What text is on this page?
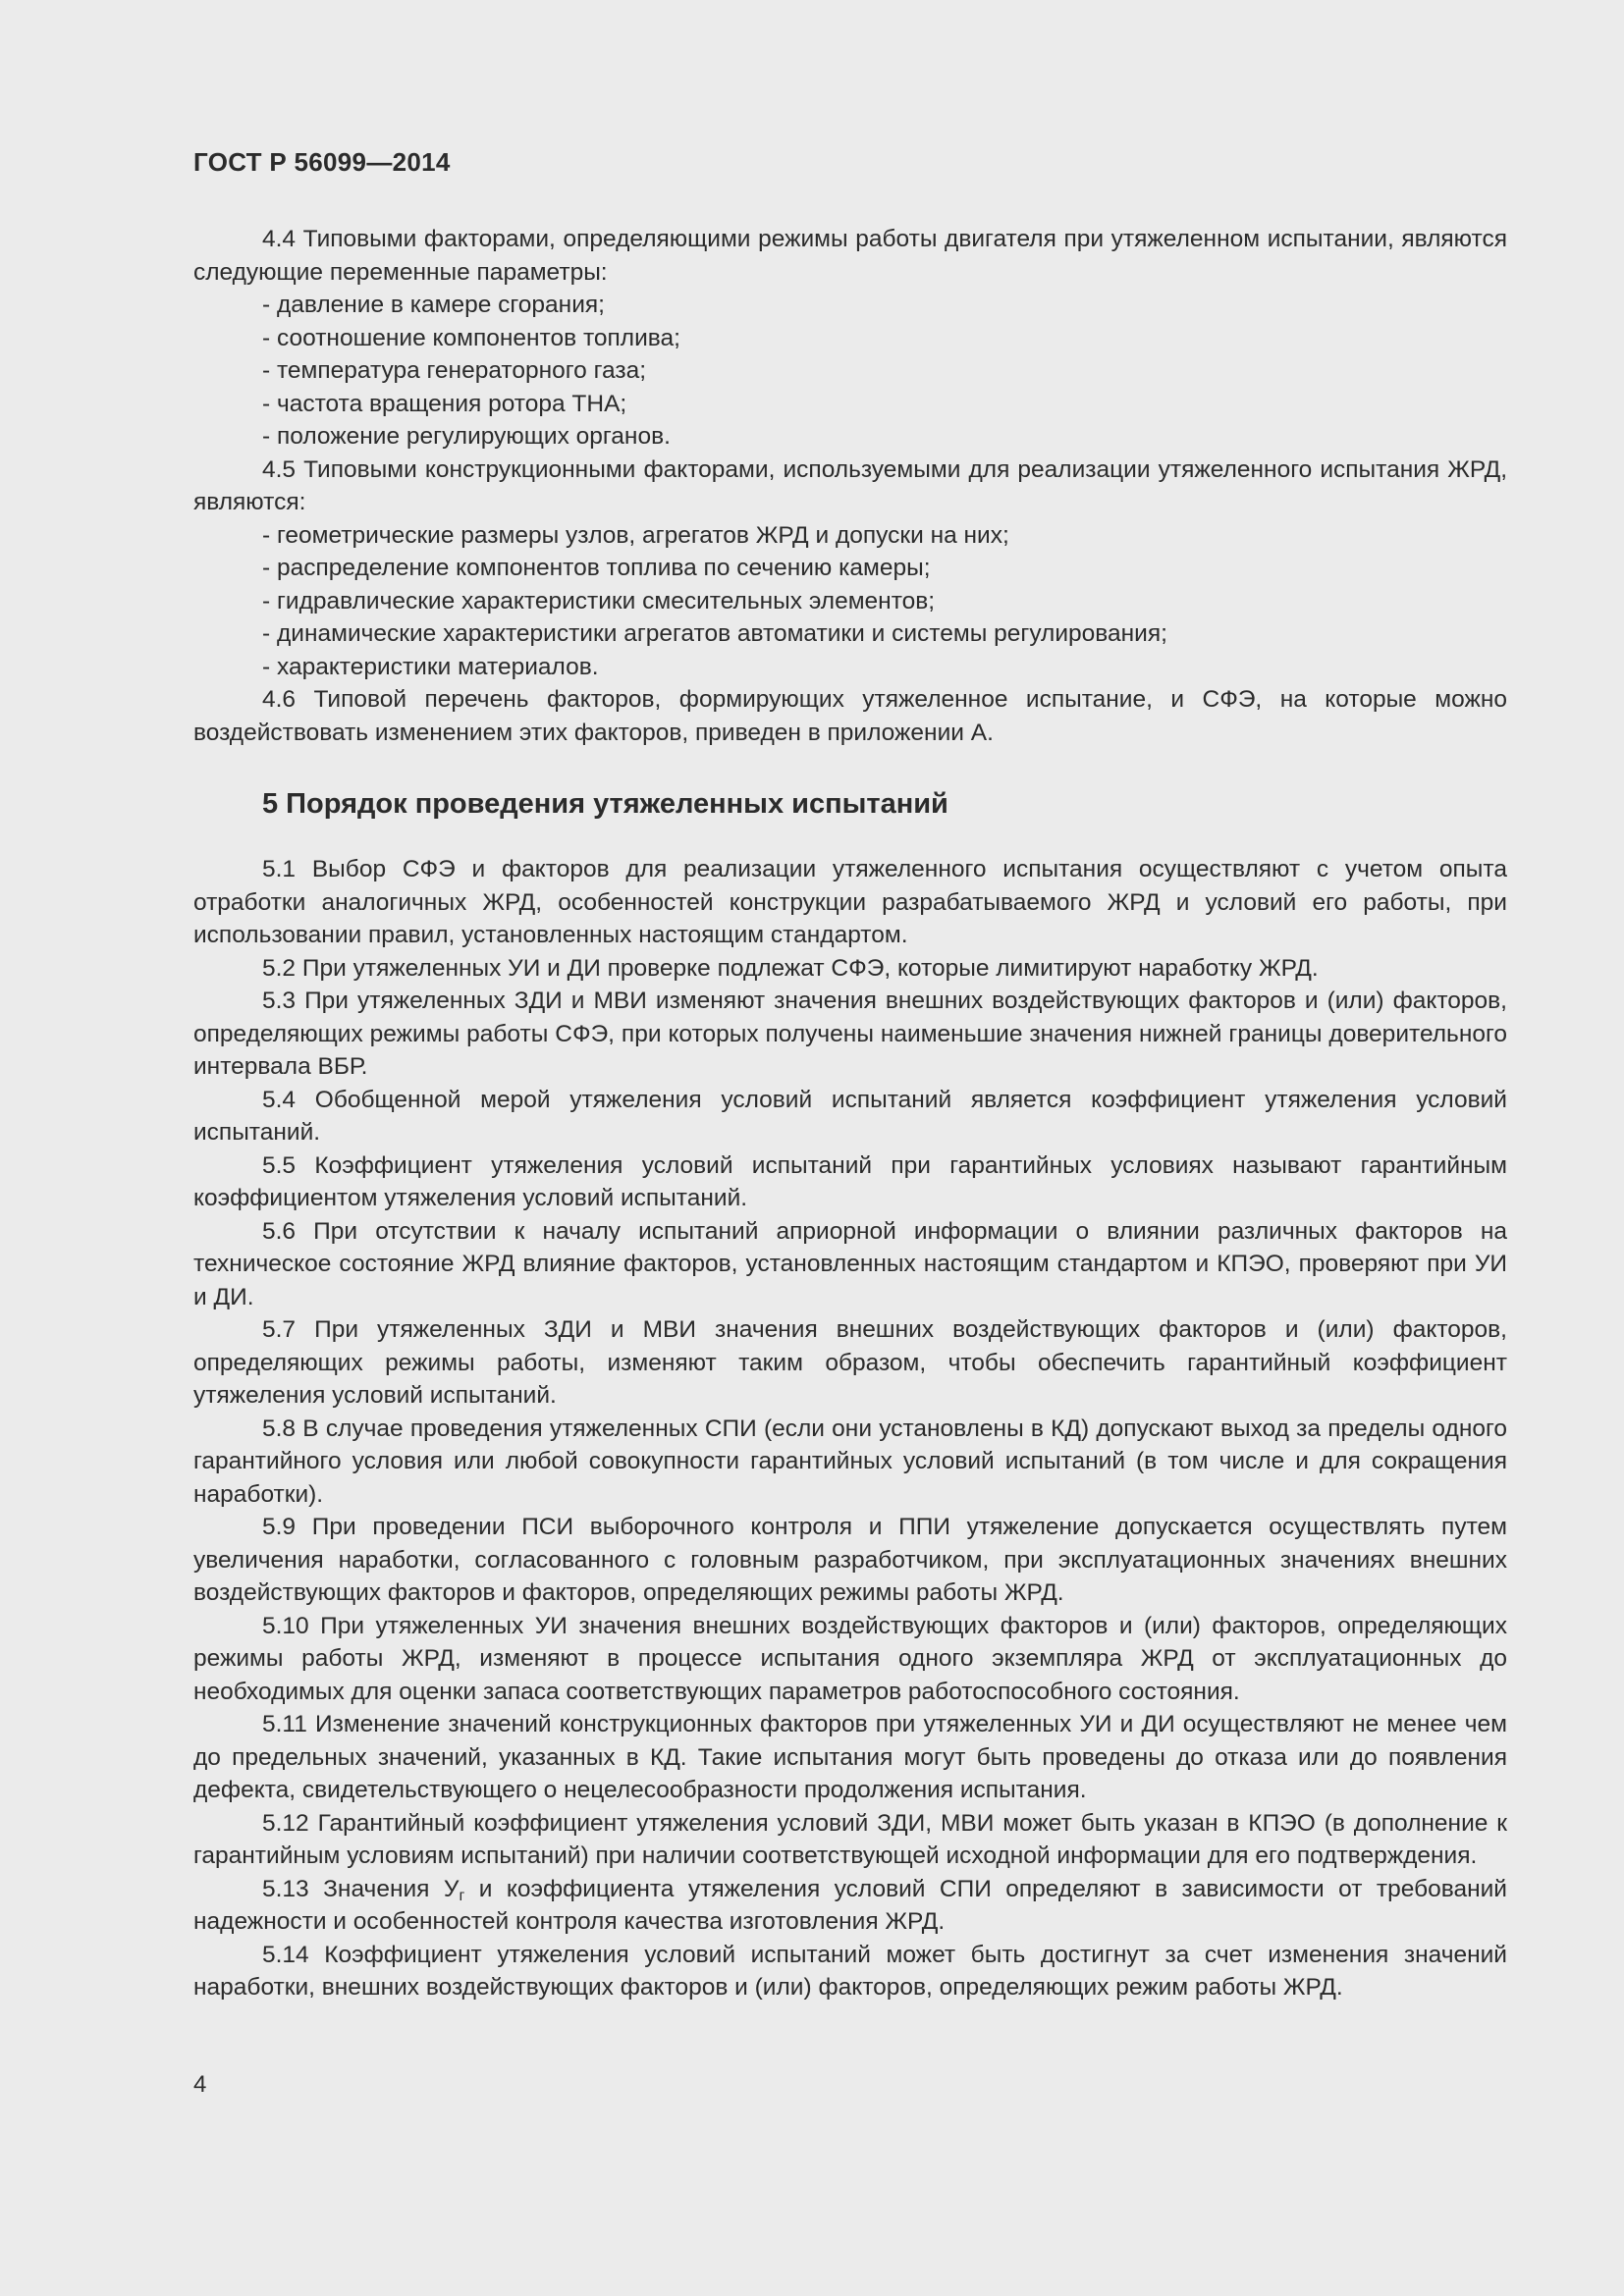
ГОСТ Р 56099—2014

4.4 Типовыми факторами, определяющими режимы работы двигателя при утяжеленном испытании, являются следующие переменные параметры:

- давление в камере сгорания;
- соотношение компонентов топлива;
- температура генераторного газа;
- частота вращения ротора ТНА;
- положение регулирующих органов.

4.5 Типовыми конструкционными факторами, используемыми для реализации утяжеленного испытания ЖРД, являются:

- геометрические размеры узлов, агрегатов ЖРД и допуски на них;
- распределение компонентов топлива по сечению камеры;
- гидравлические характеристики смесительных элементов;
- динамические характеристики агрегатов автоматики и системы регулирования;
- характеристики материалов.

4.6 Типовой перечень факторов, формирующих утяжеленное испытание, и СФЭ, на которые можно воздействовать изменением этих факторов, приведен в приложении А.

5 Порядок проведения утяжеленных испытаний

5.1 Выбор СФЭ и факторов для реализации утяжеленного испытания осуществляют с учетом опыта отработки аналогичных ЖРД, особенностей конструкции разрабатываемого ЖРД и условий его работы, при использовании правил, установленных настоящим стандартом.

5.2 При утяжеленных УИ и ДИ проверке подлежат СФЭ, которые лимитируют наработку ЖРД.

5.3 При утяжеленных ЗДИ и МВИ изменяют значения внешних воздействующих факторов и (или) факторов, определяющих режимы работы СФЭ, при которых получены наименьшие значения нижней границы доверительного интервала ВБР.

5.4 Обобщенной мерой утяжеления условий испытаний является коэффициент утяжеления условий испытаний.

5.5 Коэффициент утяжеления условий испытаний при гарантийных условиях называют гарантийным коэффициентом утяжеления условий испытаний.

5.6 При отсутствии к началу испытаний априорной информации о влиянии различных факторов на техническое состояние ЖРД влияние факторов, установленных настоящим стандартом и КПЭО, проверяют при УИ и ДИ.

5.7 При утяжеленных ЗДИ и МВИ значения внешних воздействующих факторов и (или) факторов, определяющих режимы работы, изменяют таким образом, чтобы обеспечить гарантийный коэффициент утяжеления условий испытаний.

5.8 В случае проведения утяжеленных СПИ (если они установлены в КД) допускают выход за пределы одного гарантийного условия или любой совокупности гарантийных условий испытаний (в том числе и для сокращения наработки).

5.9 При проведении ПСИ выборочного контроля и ППИ утяжеление допускается осуществлять путем увеличения наработки, согласованного с головным разработчиком, при эксплуатационных значениях внешних воздействующих факторов и факторов, определяющих режимы работы ЖРД.

5.10 При утяжеленных УИ значения внешних воздействующих факторов и (или) факторов, определяющих режимы работы ЖРД, изменяют в процессе испытания одного экземпляра ЖРД от эксплуатационных до необходимых для оценки запаса соответствующих параметров работоспособного состояния.

5.11 Изменение значений конструкционных факторов при утяжеленных УИ и ДИ осуществляют не менее чем до предельных значений, указанных в КД. Такие испытания могут быть проведены до отказа или до появления дефекта, свидетельствующего о нецелесообразности продолжения испытания.

5.12 Гарантийный коэффициент утяжеления условий ЗДИ, МВИ может быть указан в КПЭО (в дополнение к гарантийным условиям испытаний) при наличии соответствующей исходной информации для его подтверждения.

5.13 Значения $У_г$ и коэффициента утяжеления условий СПИ определяют в зависимости от требований надежности и особенностей контроля качества изготовления ЖРД.

5.14 Коэффициент утяжеления условий испытаний может быть достигнут за счет изменения значений наработки, внешних воздействующих факторов и (или) факторов, определяющих режим работы ЖРД.

4
